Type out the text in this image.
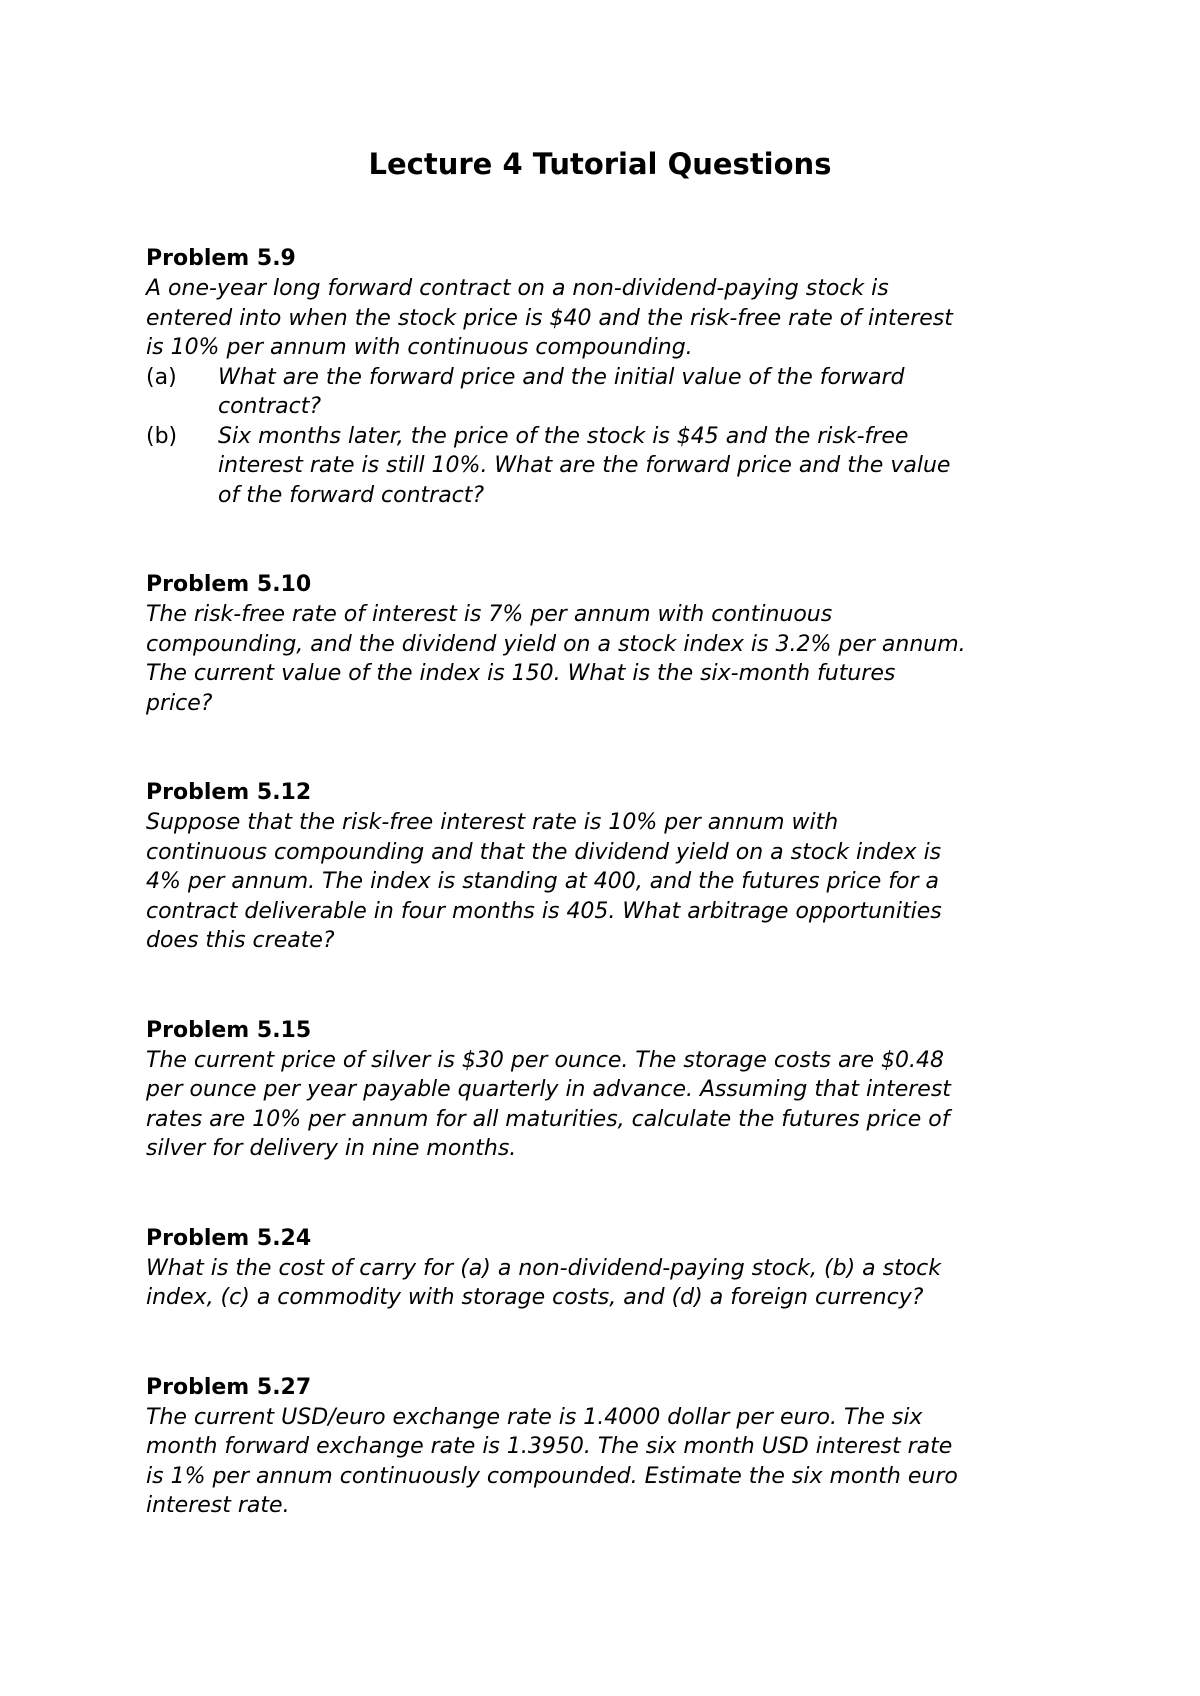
Lecture 4 Tutorial Questions
Problem 5.9
A one-year long forward contract on a non-dividend-paying stock is
entered into when the stock price is $40 and the risk-free rate of interest
is 10% per annum with continuous compounding.
(a)	What are the forward price and the initial value of the forward
contract?
(b)	Six months later, the price of the stock is $45 and the risk-free
interest rate is still 10%. What are the forward price and the value
of the forward contract?
Problem 5.10
The risk-free rate of interest is 7% per annum with continuous
compounding, and the dividend yield on a stock index is 3.2% per annum.
The current value of the index is 150. What is the six-month futures
price?
Problem 5.12
Suppose that the risk-free interest rate is 10% per annum with
continuous compounding and that the dividend yield on a stock index is
4% per annum. The index is standing at 400, and the futures price for a
contract deliverable in four months is 405. What arbitrage opportunities
does this create?
Problem 5.15
The current price of silver is $30 per ounce. The storage costs are $0.48
per ounce per year payable quarterly in advance. Assuming that interest
rates are 10% per annum for all maturities, calculate the futures price of
silver for delivery in nine months.
Problem 5.24
What is the cost of carry for (a) a non-dividend-paying stock, (b) a stock
index, (c) a commodity with storage costs, and (d) a foreign currency?
Problem 5.27
The current USD/euro exchange rate is 1.4000 dollar per euro. The six
month forward exchange rate is 1.3950. The six month USD interest rate
is 1% per annum continuously compounded. Estimate the six month euro
interest rate.
